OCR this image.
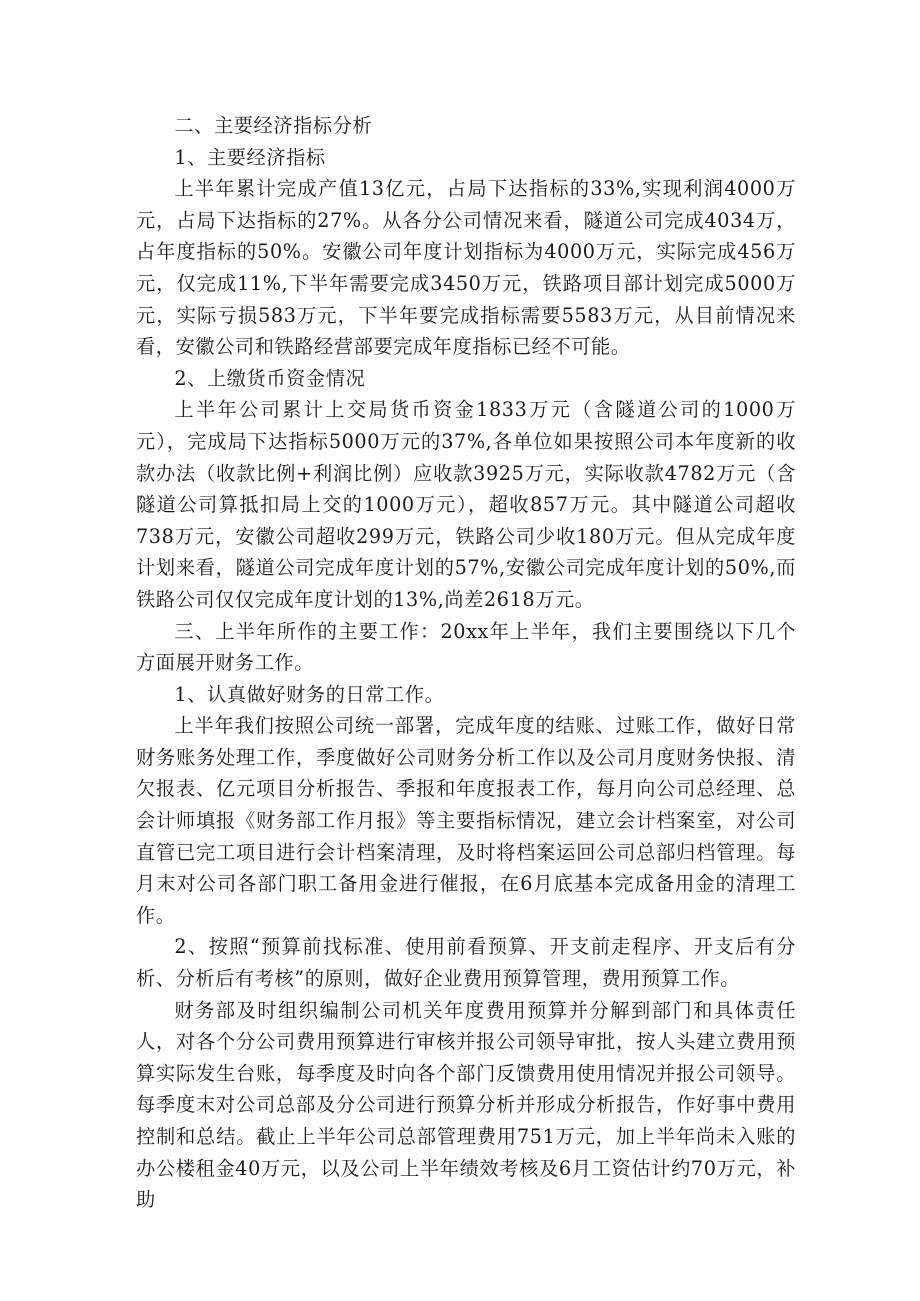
二、主要经济指标分析

1、主要经济指标

上半年累计完成产值13亿元，占局下达指标的33%,实现利润4000万元，占局下达指标的27%。从各分公司情况来看，隧道公司完成4034万，占年度指标的50%。安徽公司年度计划指标为4000万元，实际完成456万元，仅完成11%,下半年需要完成3450万元，铁路项目部计划完成5000万元，实际亏损583万元，下半年要完成指标需要5583万元，从目前情况来看，安徽公司和铁路经营部要完成年度指标已经不可能。

2、上缴货币资金情况

上半年公司累计上交局货币资金1833万元（含隧道公司的1000万元），完成局下达指标5000万元的37%,各单位如果按照公司本年度新的收款办法（收款比例+利润比例）应收款3925万元，实际收款4782万元（含隧道公司算抵扣局上交的1000万元），超收857万元。其中隧道公司超收738万元，安徽公司超收299万元，铁路公司少收180万元。但从完成年度计划来看，隧道公司完成年度计划的57%,安徽公司完成年度计划的50%,而铁路公司仅仅完成年度计划的13%,尚差2618万元。

三、上半年所作的主要工作：20xx年上半年，我们主要围绕以下几个方面展开财务工作。

1、认真做好财务的日常工作。

上半年我们按照公司统一部署，完成年度的结账、过账工作，做好日常财务账务处理工作，季度做好公司财务分析工作以及公司月度财务快报、清欠报表、亿元项目分析报告、季报和年度报表工作，每月向公司总经理、总会计师填报《财务部工作月报》等主要指标情况，建立会计档案室，对公司直管已完工项目进行会计档案清理，及时将档案运回公司总部归档管理。每月末对公司各部门职工备用金进行催报，在6月底基本完成备用金的清理工作。

2、按照“预算前找标准、使用前看预算、开支前走程序、开支后有分析、分析后有考核”的原则，做好企业费用预算管理，费用预算工作。

财务部及时组织编制公司机关年度费用预算并分解到部门和具体责任人，对各个分公司费用预算进行审核并报公司领导审批，按人头建立费用预算实际发生台账，每季度及时向各个部门反馈费用使用情况并报公司领导。每季度末对公司总部及分公司进行预算分析并形成分析报告，作好事中费用控制和总结。截止上半年公司总部管理费用751万元，加上半年尚未入账的办公楼租金40万元，以及公司上半年绩效考核及6月工资估计约70万元，补助
